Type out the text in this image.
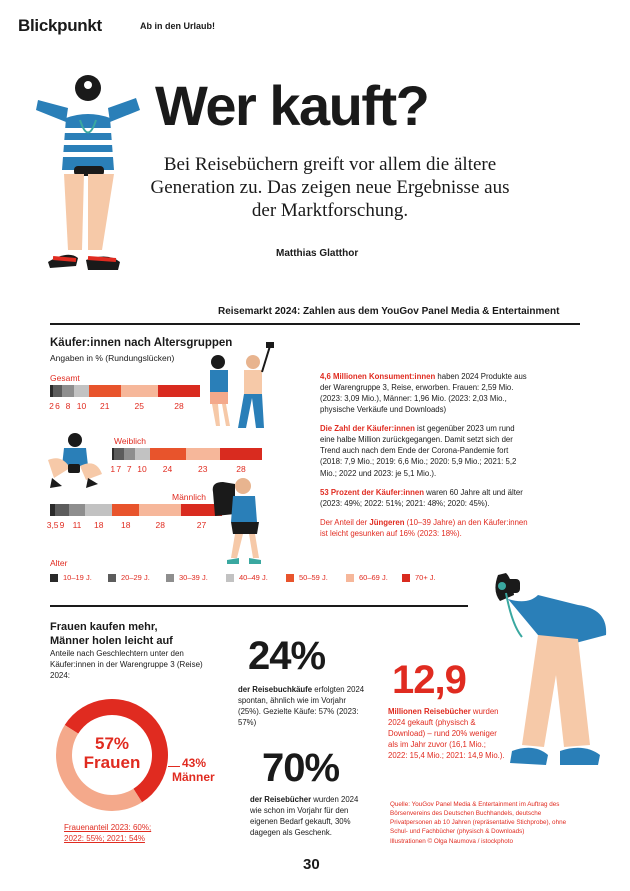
Blickpunkt	Ab in den Urlaub!
Wer kauft?
Bei Reisebüchern greift vor allem die ältere Generation zu. Das zeigen neue Ergebnisse aus der Marktforschung.
Matthias Glatthor
Reisemarkt 2024: Zahlen aus dem YouGov Panel Media & Entertainment
Käufer:innen nach Altersgruppen
Angaben in % (Rundungslücken)
Gesamt
2 6 8 10 21	25	28
Weiblich
1 7 7 10 24	23	28
Männlich
3,5 9 11 18 18	28	27
Alter
10–19 J.	20–29 J.	30–39 J.	40–49 J.	50–59 J.	60–69 J.	70+ J.

4,6 Millionen Konsument:innen haben 2024 Produkte aus der Warengruppe 3, Reise, erworben. Frauen: 2,59 Mio. (2023: 3,09 Mio.), Männer: 1,96 Mio. (2023: 2,03 Mio., physische Verkäufe und Downloads)

Die Zahl der Käufer:innen ist gegenüber 2023 um rund eine halbe Million zurückgegangen. Damit setzt sich der Trend auch nach dem Ende der Corona-Pandemie fort (2018: 7,9 Mio.; 2019: 6,6 Mio.; 2020: 5,9 Mio.; 2021: 5,2 Mio.; 2022 und 2023: je 5,1 Mio.).

53 Prozent der Käufer:innen waren 60 Jahre alt und älter (2023: 49%; 2022: 51%; 2021: 48%; 2020: 45%).

Der Anteil der Jüngeren (10–39 Jahre) an den Käufer:innen ist leicht gesunken auf 16% (2023: 18%).

Frauen kaufen mehr,
Männer holen leicht auf
Anteile nach Geschlechtern unter den Käufer:innen in der Warengruppe 3 (Reise) 2024:
57%
Frauen	43%
Männer
Frauenanteil 2023: 60%;
2022: 55%; 2021: 54%
24%
der Reisebuchkäufe erfolgten 2024 spontan, ähnlich wie im Vorjahr (25%). Gezielte Käufe: 57% (2023: 57%)
70%
der Reisebücher wurden 2024 wie schon im Vorjahr für den eigenen Bedarf gekauft, 30% dagegen als Geschenk.
12,9
Millionen Reisebücher wurden 2024 gekauft (physisch & Download) – rund 20% weniger als im Jahr zuvor (16,1 Mio.; 2022: 15,4 Mio.; 2021: 14,9 Mio.).
Quelle: YouGov Panel Media & Entertainment im Auftrag des Börsenvereins des Deutschen Buchhandels, deutsche Privatpersonen ab 10 Jahren (repräsentative Stichprobe), ohne Schul- und Fachbücher (physisch & Downloads)
Illustrationen © Olga Naumova / istockphoto
30
